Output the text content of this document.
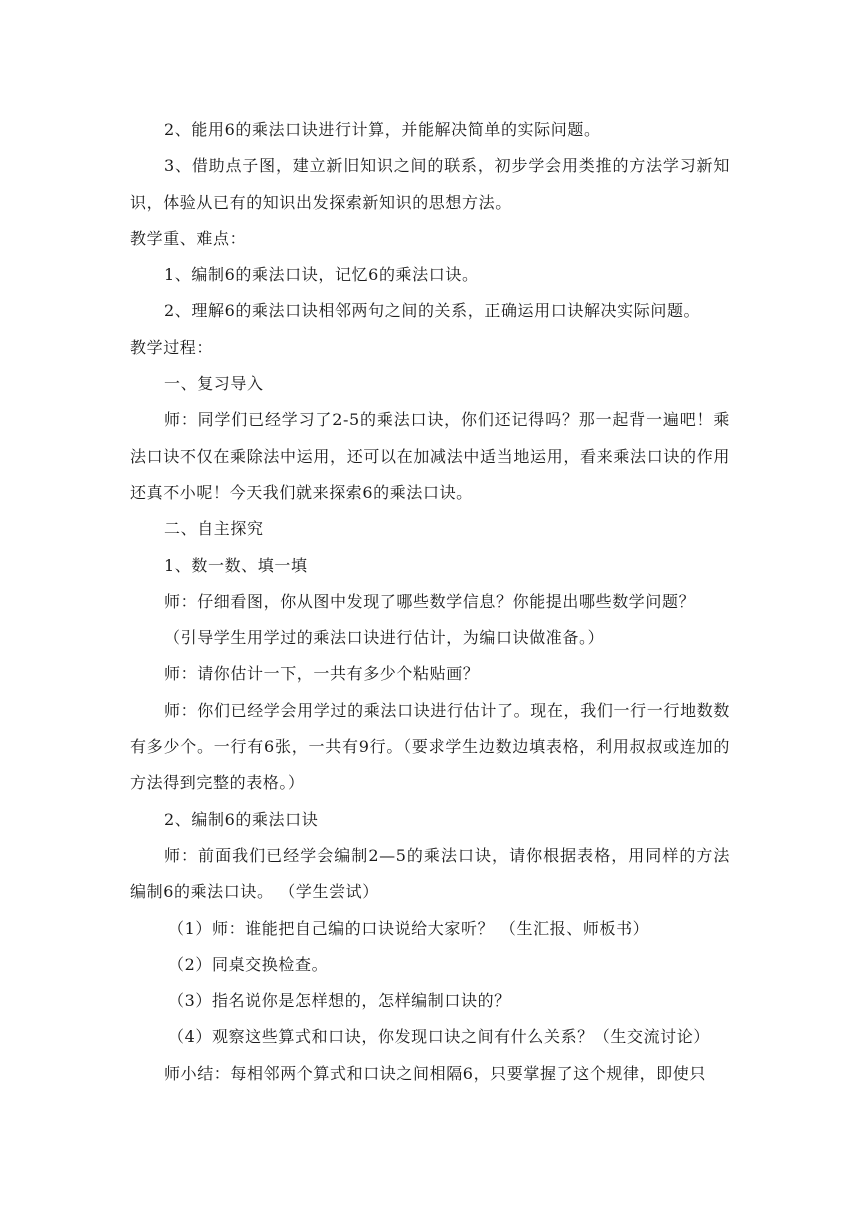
2、能用6的乘法口诀进行计算，并能解决简单的实际问题。

3、借助点子图，建立新旧知识之间的联系，初步学会用类推的方法学习新知识，体验从已有的知识出发探索新知识的思想方法。

教学重、难点：

1、编制6的乘法口诀，记忆6的乘法口诀。

2、理解6的乘法口诀相邻两句之间的关系，正确运用口诀解决实际问题。

教学过程：

一、复习导入

师：同学们已经学习了2-5的乘法口诀，你们还记得吗？那一起背一遍吧！乘法口诀不仅在乘除法中运用，还可以在加减法中适当地运用，看来乘法口诀的作用还真不小呢！今天我们就来探索6的乘法口诀。

二、自主探究

1、数一数、填一填

师：仔细看图，你从图中发现了哪些数学信息？你能提出哪些数学问题？

（引导学生用学过的乘法口诀进行估计，为编口诀做准备。）

师：请你估计一下，一共有多少个粘贴画？

师：你们已经学会用学过的乘法口诀进行估计了。现在，我们一行一行地数数有多少个。一行有6张，一共有9行。（要求学生边数边填表格，利用叔叔或连加的方法得到完整的表格。）

2、编制6的乘法口诀

师：前面我们已经学会编制2—5的乘法口诀，请你根据表格，用同样的方法编制6的乘法口诀。 （学生尝试）

（1）师：谁能把自己编的口诀说给大家听？ （生汇报、师板书）

（2）同桌交换检查。

（3）指名说你是怎样想的，怎样编制口诀的？

（4）观察这些算式和口诀，你发现口诀之间有什么关系？（生交流讨论）

师小结：每相邻两个算式和口诀之间相隔6，只要掌握了这个规律，即使只
